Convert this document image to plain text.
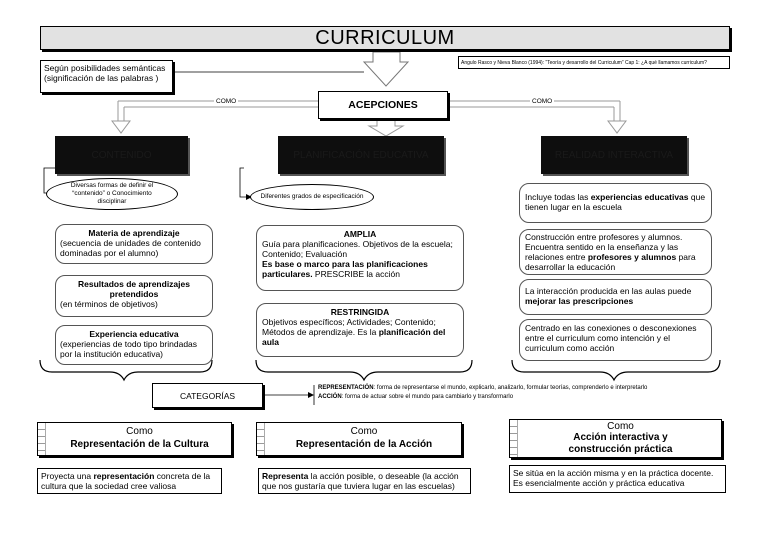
CURRICULUM
Según posibilidades semánticas (significación de las palabras )
Angulo Rasco y Nieva Blanco (1994): “Teoría y desarrollo del Curriculum” Cap 1: ¿A qué llamamos curriculum?
COMO	COMO
ACEPCIONES
CONTENIDO	PLANIFICACIÓN EDUCATIVA	REALIDAD INTERACTIVA
Diversas formas de definir el “contenido” o Conocimiento disciplinar
Materia de aprendizaje
(secuencia de unidades de contenido dominadas por el alumno)
Resultados de aprendizajes pretendidos
(en términos de objetivos)
Experiencia educativa
(experiencias de todo tipo brindadas por la institución educativa)
Diferentes grados de especificación
AMPLIA
Guía para planificaciones. Objetivos de la escuela; Contenido; Evaluación
Es base o marco para las planificaciones particulares. PRESCRIBE la acción
RESTRINGIDA
Objetivos específicos; Actividades; Contenido; Métodos de aprendizaje. Es la planificación del aula
Incluye todas las experiencias educativas que tienen lugar en la escuela
Construcción entre profesores y alumnos. Encuentra sentido en la enseñanza y las relaciones entre profesores y alumnos para desarrollar la educación
La interacción producida en las aulas puede mejorar las prescripciones
Centrado en las conexiones o desconexiones entre el curriculum como intención y el curriculum como acción
CATEGORÍAS
REPRESENTACIÓN: forma de representarse el mundo, explicarlo, analizarlo, formular teorías, comprenderlo e interpretarlo
ACCIÓN: forma de actuar sobre el mundo para cambiarlo y transformarlo
Como
Representación de la Cultura
Proyecta una representación concreta de la cultura que la sociedad cree valiosa
Como
Representación de la Acción
Representa la acción posible, o deseable (la acción que nos gustaría que tuviera lugar en las escuelas)
Como
Acción interactiva y construcción práctica
Se sitúa en la acción misma y en la práctica docente. Es esencialmente acción y práctica educativa
